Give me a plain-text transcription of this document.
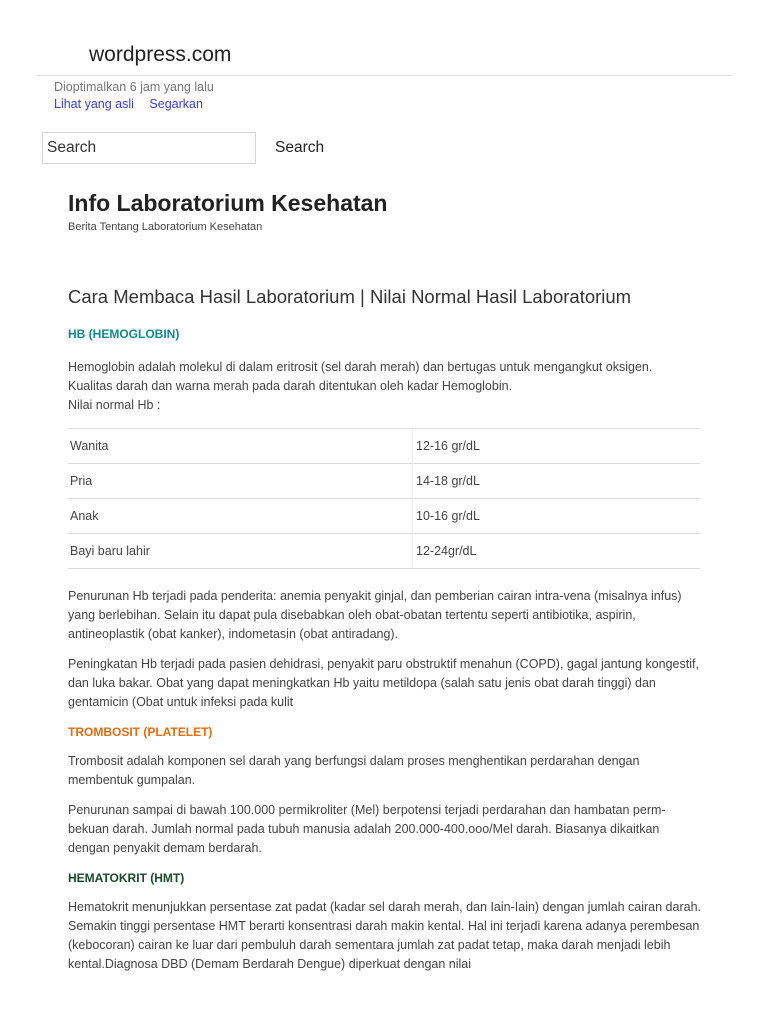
wordpress.com
Dioptimalkan 6 jam yang lalu
Lihat yang asli Segarkan
Search
Search
Info Laboratorium Kesehatan
Berita Tentang Laboratorium Kesehatan
Cara Membaca Hasil Laboratorium | Nilai Normal Hasil Laboratorium
HB (HEMOGLOBIN)

Hemoglobin adalah molekul di dalam eritrosit (sel darah merah) dan bertugas untuk mengangkut oksigen.
Kualitas darah dan warna merah pada darah ditentukan oleh kadar Hemoglobin.
Nilai normal Hb :

Wanita	12-16 gr/dL
Pria	14-18 gr/dL
Anak	10-16 gr/dL
Bayi baru lahir	12-24gr/dL

Penurunan Hb terjadi pada penderita: anemia penyakit ginjal, dan pemberian cairan intra-vena (misalnya infus) yang berlebihan. Selain itu dapat pula disebabkan oleh obat-obatan tertentu seperti antibiotika, aspirin, antineoplastik (obat kanker), indometasin (obat antiradang).

Peningkatan Hb terjadi pada pasien dehidrasi, penyakit paru obstruktif menahun (COPD), gagal jantung kongestif, dan luka bakar. Obat yang dapat meningkatkan Hb yaitu metildopa (salah satu jenis obat darah tinggi) dan gentamicin (Obat untuk infeksi pada kulit

TROMBOSIT (PLATELET)

Trombosit adalah komponen sel darah yang berfungsi dalam proses menghentikan perdarahan dengan membentuk gumpalan.

Penurunan sampai di bawah 100.000 permikroliter (Mel) berpotensi terjadi perdarahan dan hambatan perm- bekuan darah. Jumlah normal pada tubuh manusia adalah 200.000-400.ooo/Mel darah. Biasanya dikaitkan dengan penyakit demam berdarah.

HEMATOKRIT (HMT)

Hematokrit menunjukkan persentase zat padat (kadar sel darah merah, dan Iain-Iain) dengan jumlah cairan darah. Semakin tinggi persentase HMT berarti konsentrasi darah makin kental. Hal ini terjadi karena adanya perembesan (kebocoran) cairan ke luar dari pembuluh darah sementara jumlah zat padat tetap, maka darah menjadi lebih kental.Diagnosa DBD (Demam Berdarah Dengue) diperkuat dengan nilai
